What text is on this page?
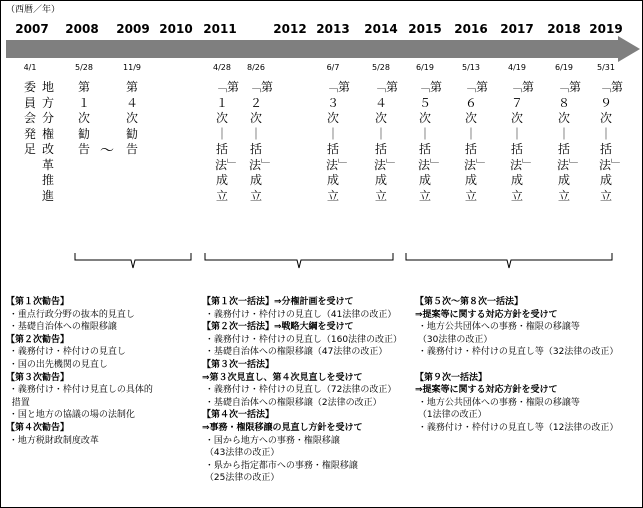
（西暦／年）
2007 2008 2009 2010 2011	2012 2013 2014 2015 2016 2017 2018 2019
4/1
委員会発足
地方分権改革推進
5/28
第１次勧告
11/9
第４次勧告
4/28
﹁第１次｜括法﹂成立
8/26
﹁第２次｜括法﹂成立
6/7
﹁第３次｜括法﹂成立
5/28
﹁第４次｜括法﹂成立
6/19
﹁第５次｜括法﹂成立
5/13
﹁第６次｜括法﹂成立
4/19
﹁第７次｜括法﹂成立
6/19
﹁第８次｜括法﹂成立
5/31
﹁第９次｜括法﹂成立
～
【第１次勧告】
・重点行政分野の抜本的見直し
・基礎自治体への権限移譲
【第２次勧告】
・義務付け・枠付けの見直し
・国の出先機関の見直し
【第３次勧告】
・義務付け・枠付け見直しの具体的
措置
・国と地方の協議の場の法制化
【第４次勧告】
・地方税財政制度改革
【第１次一括法】⇒分権計画を受けて
・義務付け・枠付けの見直し（41法律の改正）
【第２次一括法】⇒戦略大綱を受けて
・義務付け・枠付けの見直し（160法律の改正）
・基礎自治体への権限移譲（47法律の改正）
【第３次一括法】
⇒第３次見直し、第４次見直しを受けて
・義務付け・枠付けの見直し（72法律の改正）
・基礎自治体への権限移譲（2法律の改正）
【第４次一括法】
⇒事務・権限移譲の見直し方針を受けて
・国から地方への事務・権限移譲
（43法律の改正）
・県から指定都市への事務・権限移譲
（25法律の改正）
【第５次～第８次一括法】
⇒提案等に関する対応方針を受けて
・地方公共団体への事務・権限の移譲等
（30法律の改正）
・義務付け・枠付けの見直し等（32法律の改正）

【第９次一括法】
⇒提案等に関する対応方針を受けて
・地方公共団体への事務・権限の移譲等
（1法律の改正）
・義務付け・枠付けの見直し等（12法律の改正）
